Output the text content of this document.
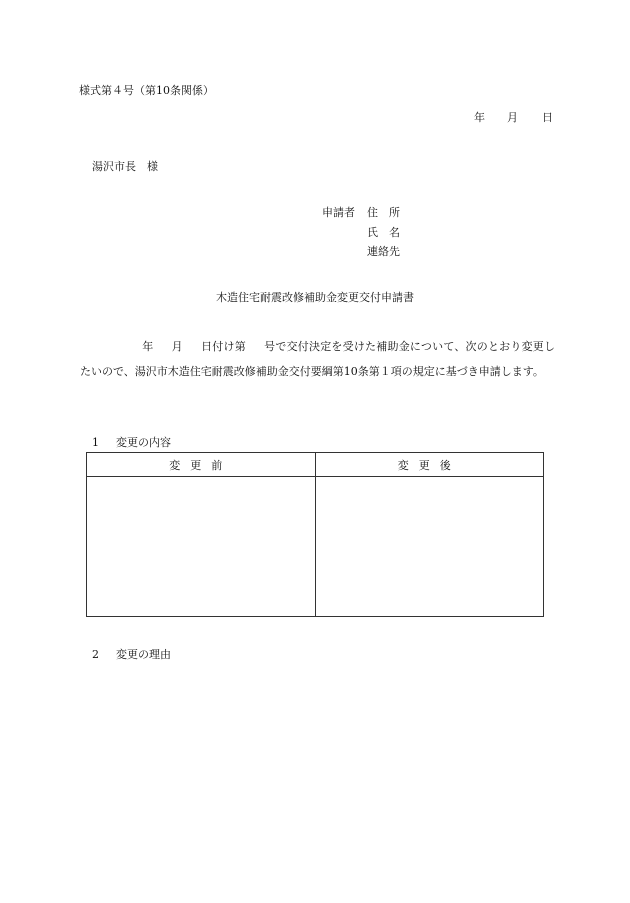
様式第４号（第10条関係）
年 月 日
湯沢市長　様
申請者	住　所
氏　名
連絡先
木造住宅耐震改修補助金変更交付申請書
年 月 日付け第 号で交付決定を受けた補助金について、次のとおり変更したいので、湯沢市木造住宅耐震改修補助金交付要綱第10条第１項の規定に基づき申請します。
1 変更の内容
変更前	変更後

2 変更の理由
